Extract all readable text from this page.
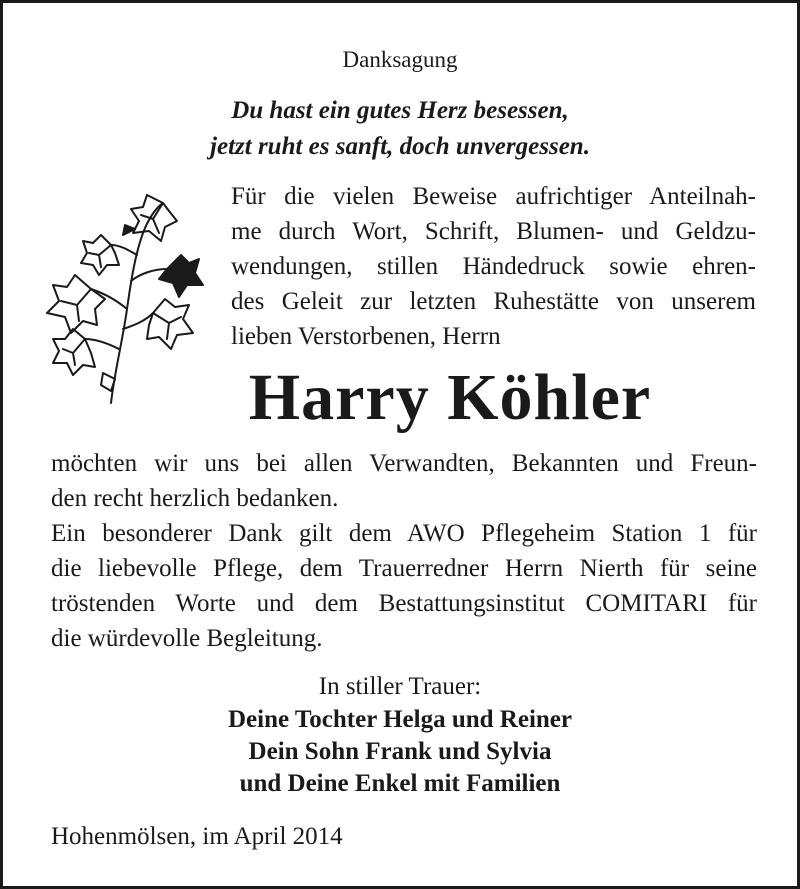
Danksagung
Du hast ein gutes Herz besessen,
jetzt ruht es sanft, doch unvergessen.

Für die vielen Beweise aufrichtiger Anteilnah-
me durch Wort, Schrift, Blumen- und Geldzu-
wendungen, stillen Händedruck sowie ehren-
des Geleit zur letzten Ruhestätte von unserem
lieben Verstorbenen, Herrn

Harry Köhler

möchten wir uns bei allen Verwandten, Bekannten und Freun-
den recht herzlich bedanken.
Ein besonderer Dank gilt dem AWO Pflegeheim Station 1 für
die liebevolle Pflege, dem Trauerredner Herrn Nierth für seine
tröstenden Worte und dem Bestattungsinstitut COMITARI für
die würdevolle Begleitung.

In stiller Trauer:
Deine Tochter Helga und Reiner
Dein Sohn Frank und Sylvia
und Deine Enkel mit Familien
Hohenmölsen, im April 2014
